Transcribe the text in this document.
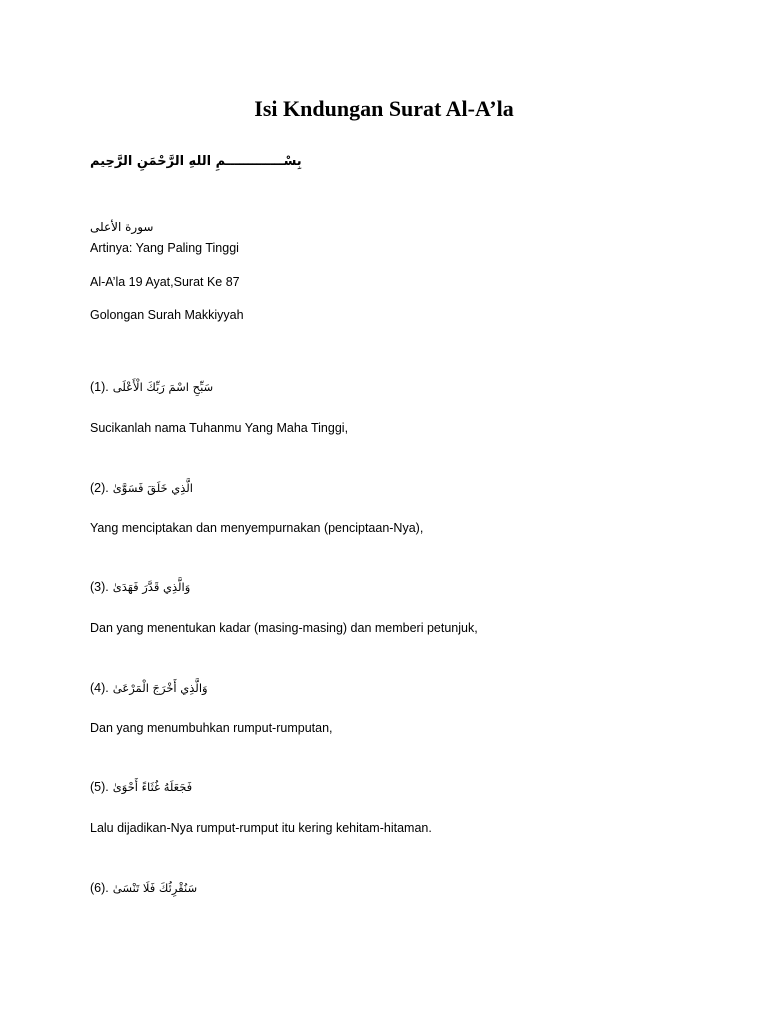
Isi Kndungan Surat Al-A’la
بِسْـــــــــــــمِ اللهِ الرَّحْمَنِ الرَّحِيم
سورة الأعلى
Artinya: Yang Paling Tinggi
Al-A’la 19 Ayat,Surat Ke 87
Golongan Surah Makkiyyah
(1). سَبِّحِ اسْمَ رَبِّكَ الْأَعْلَى
Sucikanlah nama Tuhanmu Yang Maha Tinggi,
(2). الَّذِي خَلَقَ فَسَوَّىٰ
Yang menciptakan dan menyempurnakan (penciptaan-Nya),
(3). وَالَّذِي قَدَّرَ فَهَدَىٰ
Dan yang menentukan kadar (masing-masing) dan memberi petunjuk,
(4). وَالَّذِي أَخْرَجَ الْمَرْعَىٰ
Dan yang menumbuhkan rumput-rumputan,
(5). فَجَعَلَهُ غُثَاءً أَحْوَىٰ
Lalu dijadikan-Nya rumput-rumput itu kering kehitam-hitaman.
(6). سَنُقْرِئُكَ فَلَا تَنْسَىٰ
